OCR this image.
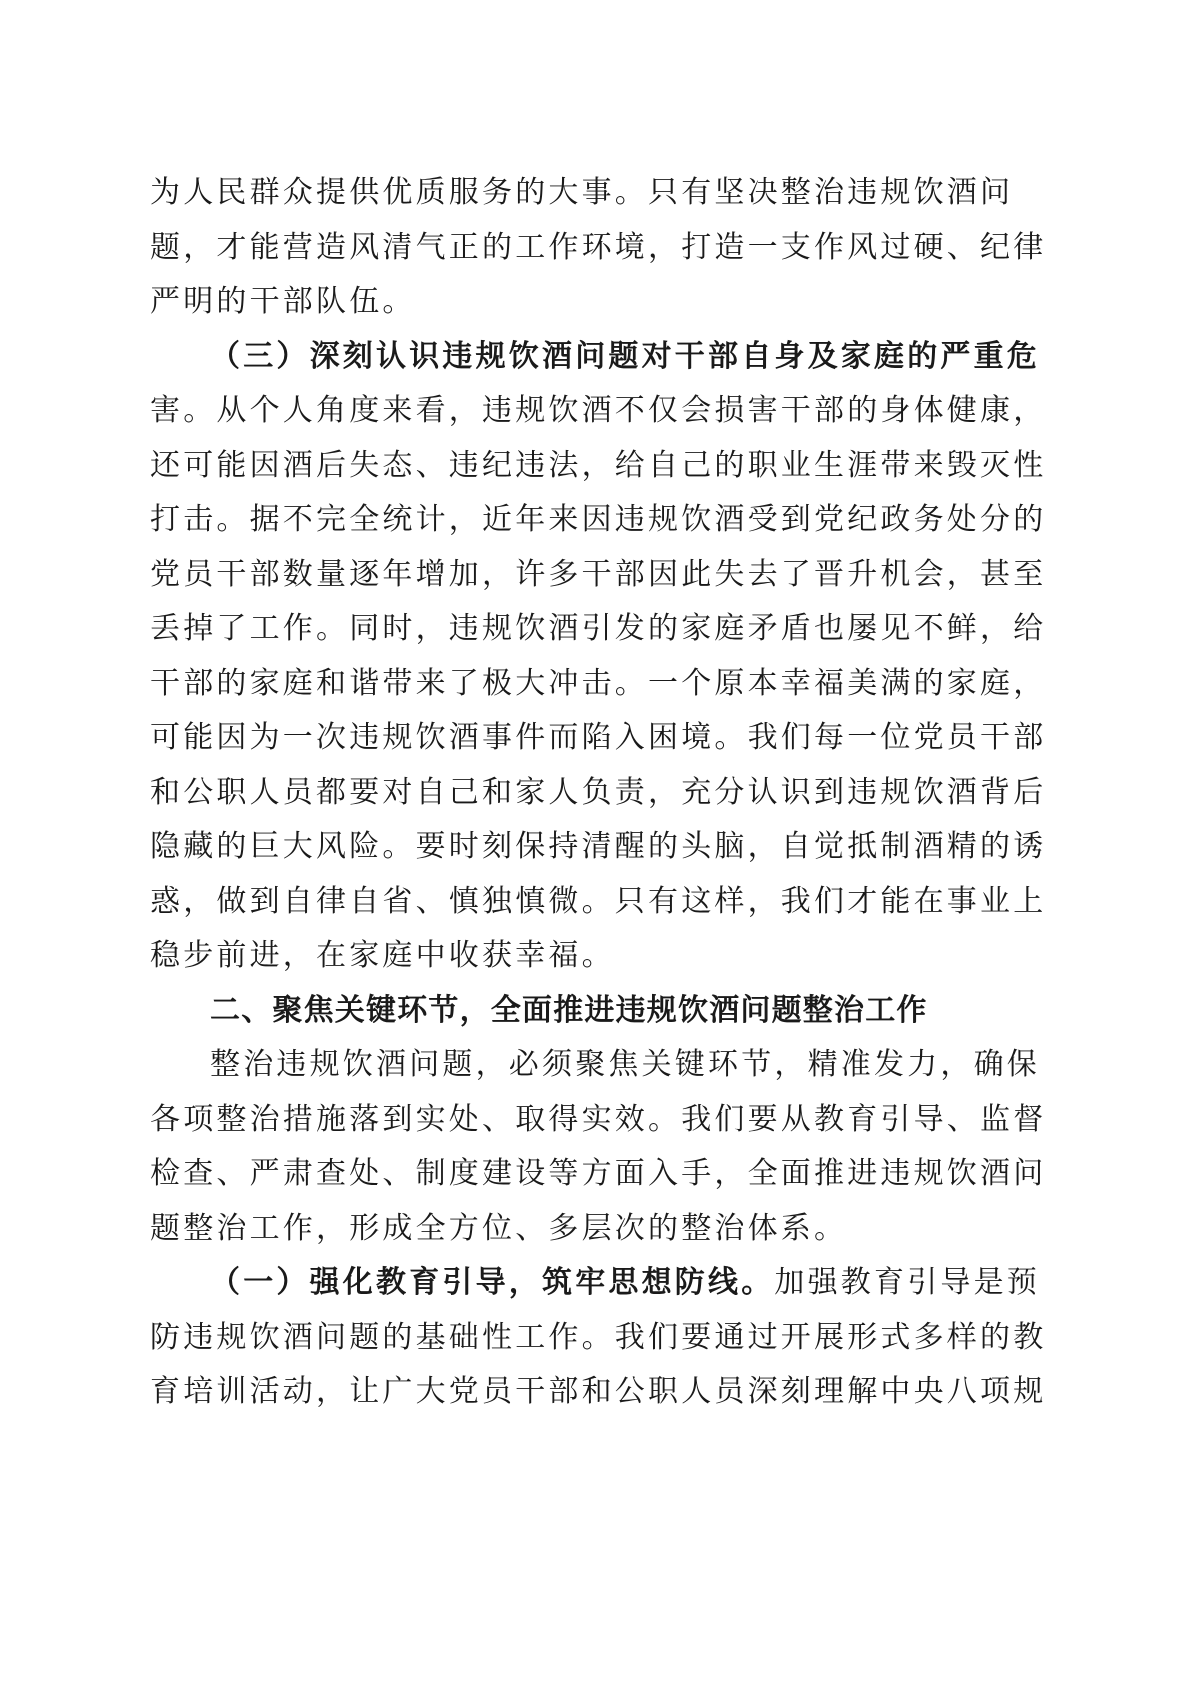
为人民群众提供优质服务的大事。只有坚决整治违规饮酒问
题，才能营造风清气正的工作环境，打造一支作风过硬、纪律
严明的干部队伍。
（三）深刻认识违规饮酒问题对干部自身及家庭的严重危
害。从个人角度来看，违规饮酒不仅会损害干部的身体健康，
还可能因酒后失态、违纪违法，给自己的职业生涯带来毁灭性
打击。据不完全统计，近年来因违规饮酒受到党纪政务处分的
党员干部数量逐年增加，许多干部因此失去了晋升机会，甚至
丢掉了工作。同时，违规饮酒引发的家庭矛盾也屡见不鲜，给
干部的家庭和谐带来了极大冲击。一个原本幸福美满的家庭，
可能因为一次违规饮酒事件而陷入困境。我们每一位党员干部
和公职人员都要对自己和家人负责，充分认识到违规饮酒背后
隐藏的巨大风险。要时刻保持清醒的头脑，自觉抵制酒精的诱
惑，做到自律自省、慎独慎微。只有这样，我们才能在事业上
稳步前进，在家庭中收获幸福。
二、聚焦关键环节，全面推进违规饮酒问题整治工作
整治违规饮酒问题，必须聚焦关键环节，精准发力，确保
各项整治措施落到实处、取得实效。我们要从教育引导、监督
检查、严肃查处、制度建设等方面入手，全面推进违规饮酒问
题整治工作，形成全方位、多层次的整治体系。
（一）强化教育引导，筑牢思想防线。加强教育引导是预
防违规饮酒问题的基础性工作。我们要通过开展形式多样的教
育培训活动，让广大党员干部和公职人员深刻理解中央八项规
